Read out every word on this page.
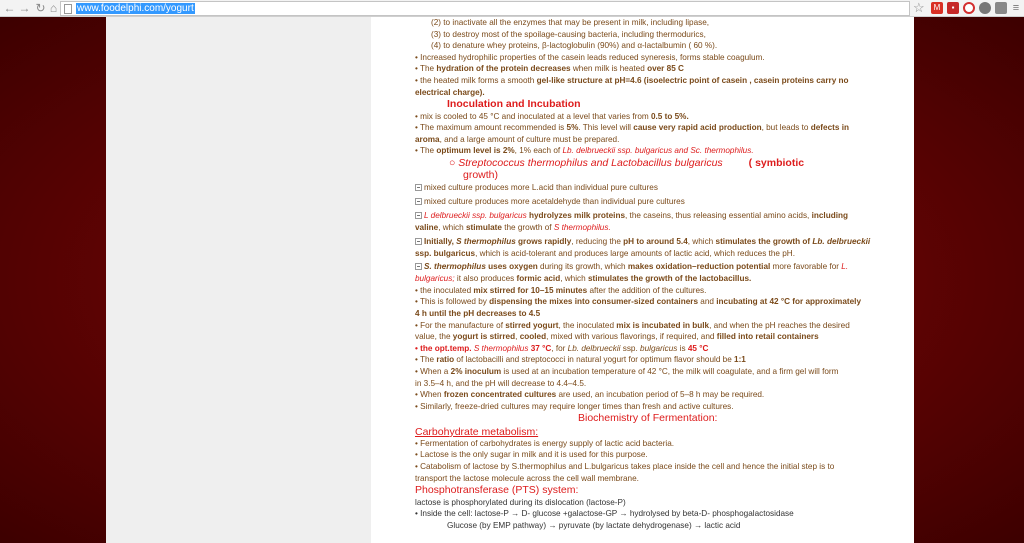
← → ↻ ⌂	www.foodelphi.com/yogurt	☆	M	▪	≡
(2) to inactivate all the enzymes that may be present in milk, including lipase,
(3) to destroy most of the spoilage-causing bacteria, including thermodurics,
(4) to denature whey proteins, β-lactoglobulin (90%) and α-lactalbumin ( 60 %).
• Increased hydrophilic properties of the casein leads reduced syneresis, forms stable coagulum.
• The hydration of the protein decreases when milk is heated over 85 C
• the heated milk forms a smooth gel-like structure at pH=4.6 (isoelectric point of casein , casein proteins carry no
electrical charge).
Inoculation and Incubation
• mix is cooled to 45 °C and inoculated at a level that varies from 0.5 to 5%.
• The maximum amount recommended is 5%. This level will cause very rapid acid production, but leads to defects in
aroma, and a large amount of culture must be prepared.
• The optimum level is 2%, 1% each of Lb. delbrueckii ssp. bulgaricus and Sc. thermophilus.
○ Streptococcus thermophilus and Lactobacillus bulgaricus ( symbiotic
growth)
mixed culture produces more L.acid than individual pure cultures
mixed culture produces more acetaldehyde than individual pure cultures
L delbrueckii ssp. bulgaricus hydrolyzes milk proteins, the caseins, thus releasing essential amino acids, including
valine, which stimulate the growth of S thermophilus.
Initially, S thermophilus grows rapidly, reducing the pH to around 5.4, which stimulates the growth of Lb. delbrueckii
ssp. bulgaricus, which is acid-tolerant and produces large amounts of lactic acid, which reduces the pH.
S. thermophilus uses oxygen during its growth, which makes oxidation–reduction potential more favorable for L.
bulgaricus; it also produces formic acid, which stimulates the growth of the lactobacillus.
• the inoculated mix stirred for 10–15 minutes after the addition of the cultures.
• This is followed by dispensing the mixes into consumer-sized containers and incubating at 42 °C for approximately
4 h until the pH decreases to 4.5
• For the manufacture of stirred yogurt, the inoculated mix is incubated in bulk, and when the pH reaches the desired
value, the yogurt is stirred, cooled, mixed with various flavorings, if required, and filled into retail containers
• the opt.temp. S thermophilus 37 °C, for Lb. delbrueckii ssp. bulgaricus is 45 °C
• The ratio of lactobacilli and streptococci in natural yogurt for optimum flavor should be 1:1
• When a 2% inoculum is used at an incubation temperature of 42 °C, the milk will coagulate, and a firm gel will form
in 3.5–4 h, and the pH will decrease to 4.4–4.5.
• When frozen concentrated cultures are used, an incubation period of 5–8 h may be required.
• Similarly, freeze-dried cultures may require longer times than fresh and active cultures.
Biochemistry of Fermentation:
Carbohydrate metabolism:
• Fermentation of carbohydrates is energy supply of lactic acid bacteria.
• Lactose is the only sugar in milk and it is used for this purpose.
• Catabolism of lactose by S.thermophilus and L.bulgaricus takes place inside the cell and hence the initial step is to
transport the lactose molecule across the cell wall membrane.
Phosphotransferase (PTS) system:
lactose is phosphorylated during its dislocation (lactose-P)
• Inside the cell: lactose-P → D- glucose +galactose-GP → hydrolysed by beta-D- phosphogalactosidase
Glucose (by EMP pathway) → pyruvate (by lactate dehydrogenase) → lactic acid
